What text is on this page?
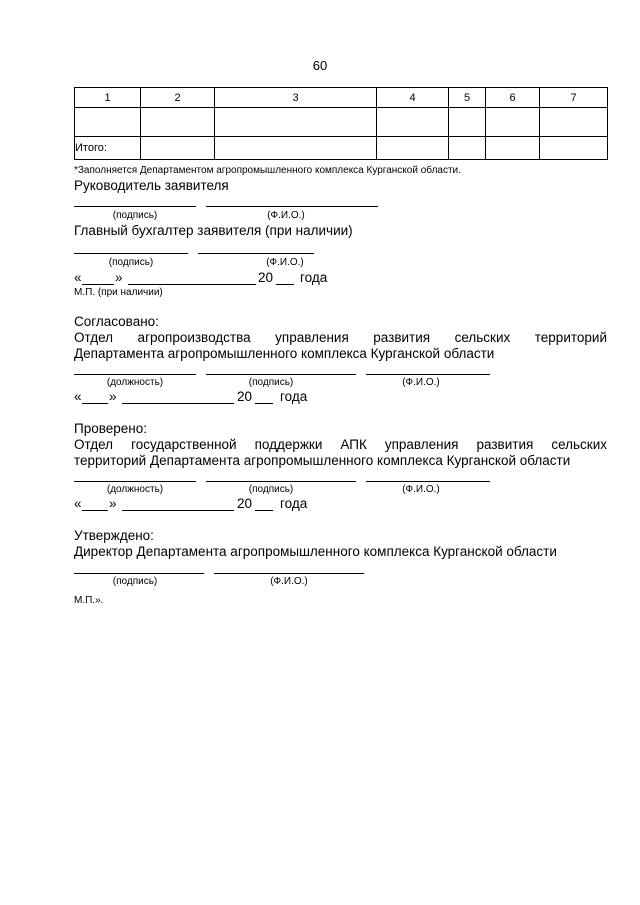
60
1	2	3	4	5	6	7

Итого:						
*Заполняется Департаментом агропромышленного комплекса Курганской области.
Руководитель заявителя
(подпись)	(Ф.И.О.)
Главный бухгалтер заявителя (при наличии)
(подпись)	(Ф.И.О.)
« »	20 года
М.П. (при наличии)
Согласовано:
Отдел агропроизводства управления развития сельских территорий
Департамента агропромышленного комплекса Курганской области
(должность)	(подпись)	(Ф.И.О.)
« »	20 года
Проверено:
Отдел государственной поддержки АПК управления развития сельских
территорий Департамента агропромышленного комплекса Курганской области
(должность)	(подпись)	(Ф.И.О.)
« »	20 года
Утверждено:
Директор Департамента агропромышленного комплекса Курганской области
(подпись)	(Ф.И.О.)
М.П.».
